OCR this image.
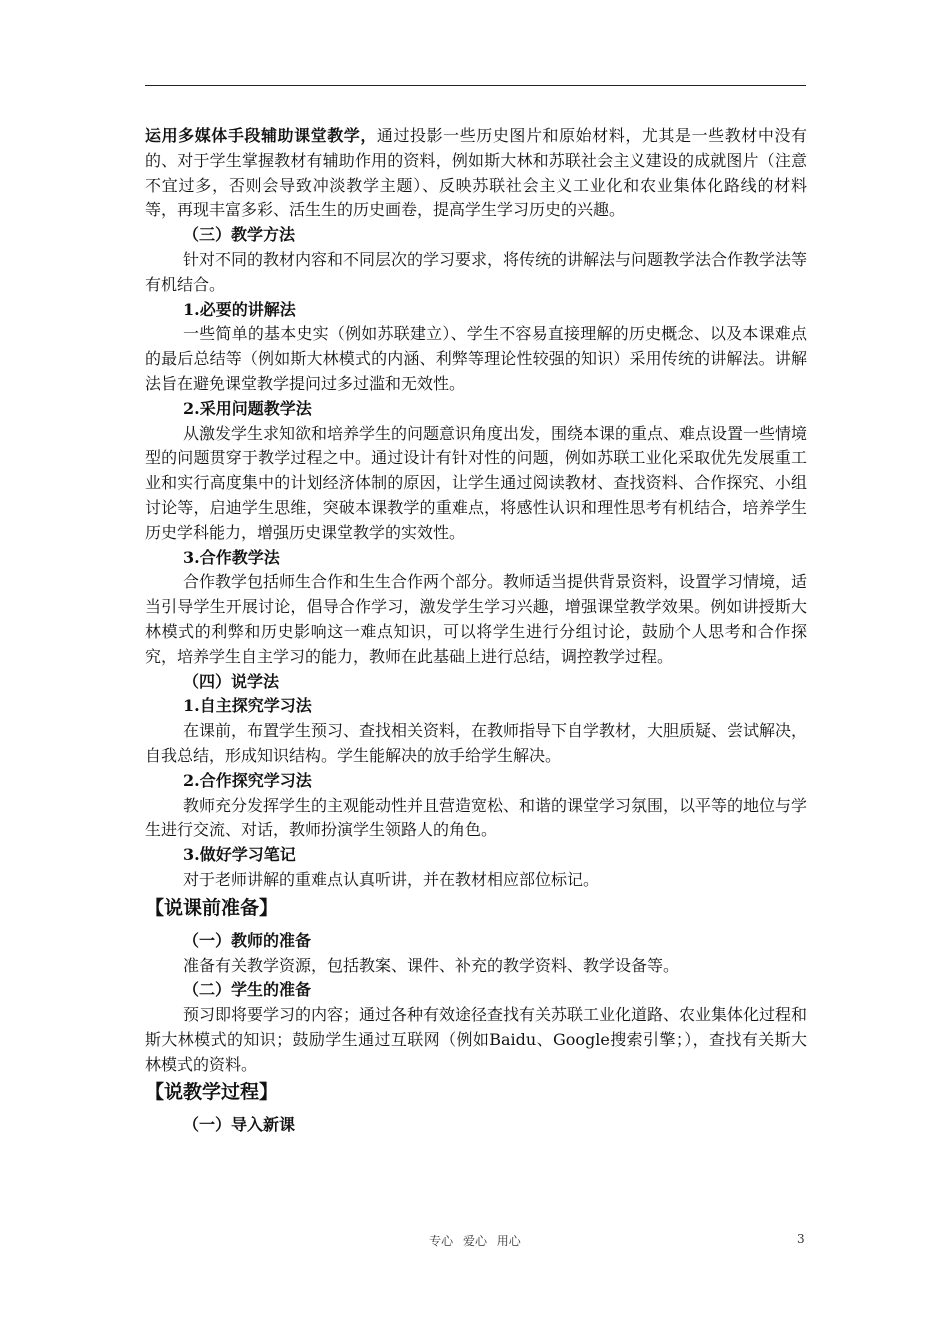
运用多媒体手段辅助课堂教学，通过投影一些历史图片和原始材料，尤其是一些教材中没有的、对于学生掌握教材有辅助作用的资料，例如斯大林和苏联社会主义建设的成就图片（注意不宜过多，否则会导致冲淡教学主题）、反映苏联社会主义工业化和农业集体化路线的材料等，再现丰富多彩、活生生的历史画卷，提高学生学习历史的兴趣。

（三）教学方法

针对不同的教材内容和不同层次的学习要求，将传统的讲解法与问题教学法合作教学法等有机结合。

1.必要的讲解法

一些简单的基本史实（例如苏联建立）、学生不容易直接理解的历史概念、以及本课难点的最后总结等（例如斯大林模式的内涵、利弊等理论性较强的知识）采用传统的讲解法。讲解法旨在避免课堂教学提问过多过滥和无效性。

2.采用问题教学法

从激发学生求知欲和培养学生的问题意识角度出发，围绕本课的重点、难点设置一些情境型的问题贯穿于教学过程之中。通过设计有针对性的问题，例如苏联工业化采取优先发展重工业和实行高度集中的计划经济体制的原因，让学生通过阅读教材、查找资料、合作探究、小组讨论等，启迪学生思维，突破本课教学的重难点，将感性认识和理性思考有机结合，培养学生历史学科能力，增强历史课堂教学的实效性。

3.合作教学法

合作教学包括师生合作和生生合作两个部分。教师适当提供背景资料，设置学习情境，适当引导学生开展讨论，倡导合作学习，激发学生学习兴趣，增强课堂教学效果。例如讲授斯大林模式的利弊和历史影响这一难点知识，可以将学生进行分组讨论，鼓励个人思考和合作探究，培养学生自主学习的能力，教师在此基础上进行总结，调控教学过程。

（四）说学法

1.自主探究学习法

在课前，布置学生预习、查找相关资料，在教师指导下自学教材，大胆质疑、尝试解决，自我总结，形成知识结构。学生能解决的放手给学生解决。

2.合作探究学习法

教师充分发挥学生的主观能动性并且营造宽松、和谐的课堂学习氛围，以平等的地位与学生进行交流、对话，教师扮演学生领路人的角色。

3.做好学习笔记

对于老师讲解的重难点认真听讲，并在教材相应部位标记。

【说课前准备】

（一）教师的准备

准备有关教学资源，包括教案、课件、补充的教学资料、教学设备等。

（二）学生的准备

预习即将要学习的内容；通过各种有效途径查找有关苏联工业化道路、农业集体化过程和斯大林模式的知识；鼓励学生通过互联网（例如Baidu、Google搜索引擎；），查找有关斯大林模式的资料。

【说教学过程】

（一）导入新课

专心 爱心 用心	3
